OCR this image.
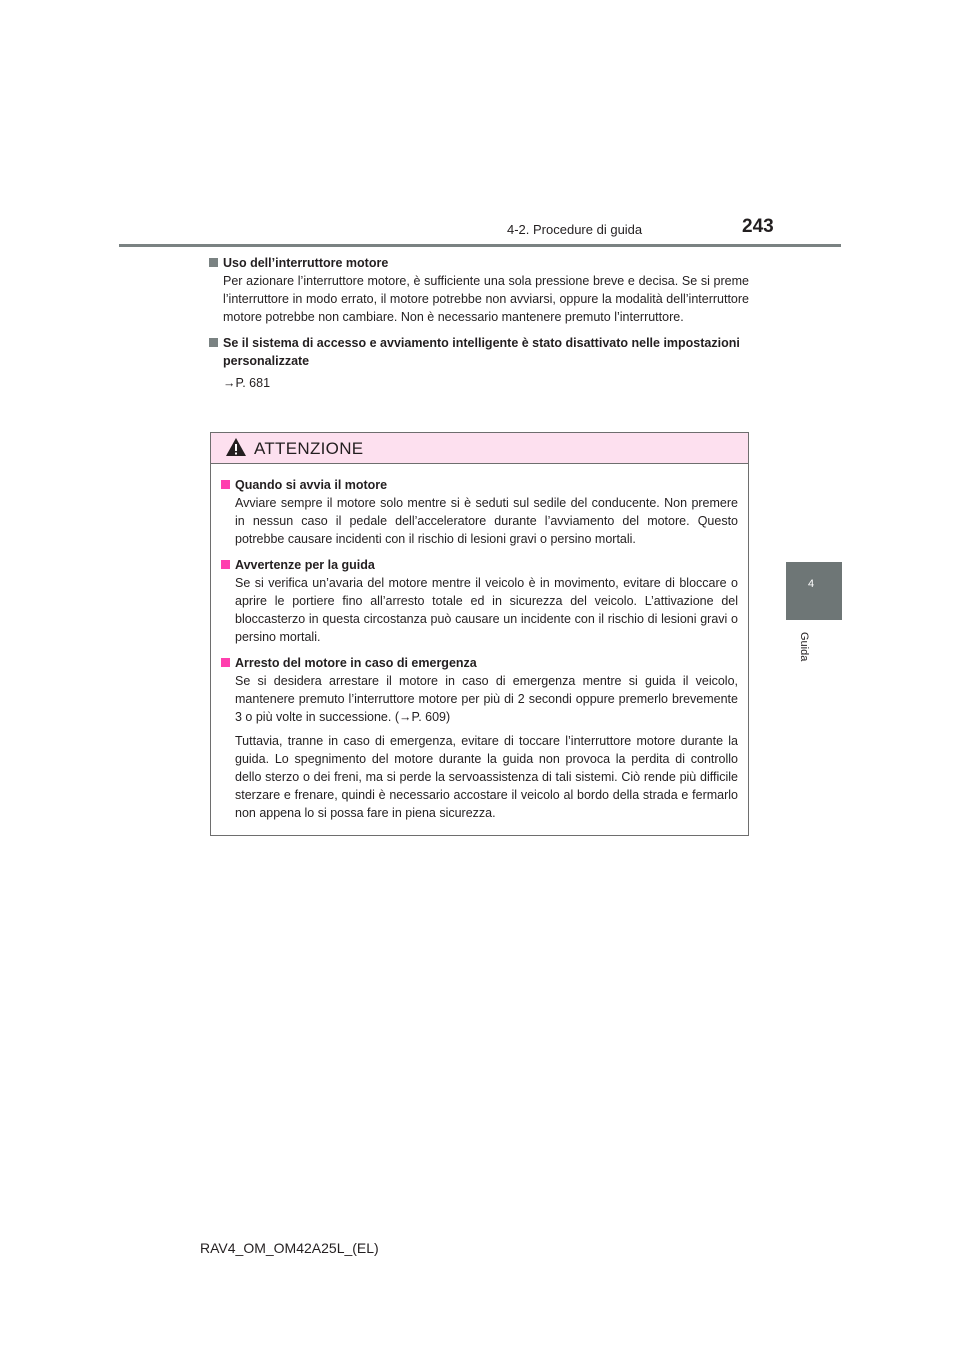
4-2. Procedure di guida	243
4
Guida
Uso dell’interruttore motore
Per azionare l’interruttore motore, è sufficiente una sola pressione breve e decisa. Se si preme l’interruttore in modo errato, il motore potrebbe non avviarsi, oppure la modalità dell’interruttore motore potrebbe non cambiare. Non è necessario mantenere premuto l’interruttore.
Se il sistema di accesso e avviamento intelligente è stato disattivato nelle impostazioni personalizzate
→P. 681
ATTENZIONE
Quando si avvia il motore
Avviare sempre il motore solo mentre si è seduti sul sedile del conducente. Non premere in nessun caso il pedale dell’acceleratore durante l’avviamento del motore. Questo potrebbe causare incidenti con il rischio di lesioni gravi o persino mortali.
Avvertenze per la guida
Se si verifica un’avaria del motore mentre il veicolo è in movimento, evitare di bloccare o aprire le portiere fino all’arresto totale ed in sicurezza del veicolo. L’attivazione del bloccasterzo in questa circostanza può causare un incidente con il rischio di lesioni gravi o persino mortali.
Arresto del motore in caso di emergenza
Se si desidera arrestare il motore in caso di emergenza mentre si guida il veicolo, mantenere premuto l’interruttore motore per più di 2 secondi oppure premerlo brevemente 3 o più volte in successione. (→P. 609)
Tuttavia, tranne in caso di emergenza, evitare di toccare l’interruttore motore durante la guida. Lo spegnimento del motore durante la guida non provoca la perdita di controllo dello sterzo o dei freni, ma si perde la servoassistenza di tali sistemi. Ciò rende più difficile sterzare e frenare, quindi è necessario accostare il veicolo al bordo della strada e fermarlo non appena lo si possa fare in piena sicurezza.
RAV4_OM_OM42A25L_(EL)
